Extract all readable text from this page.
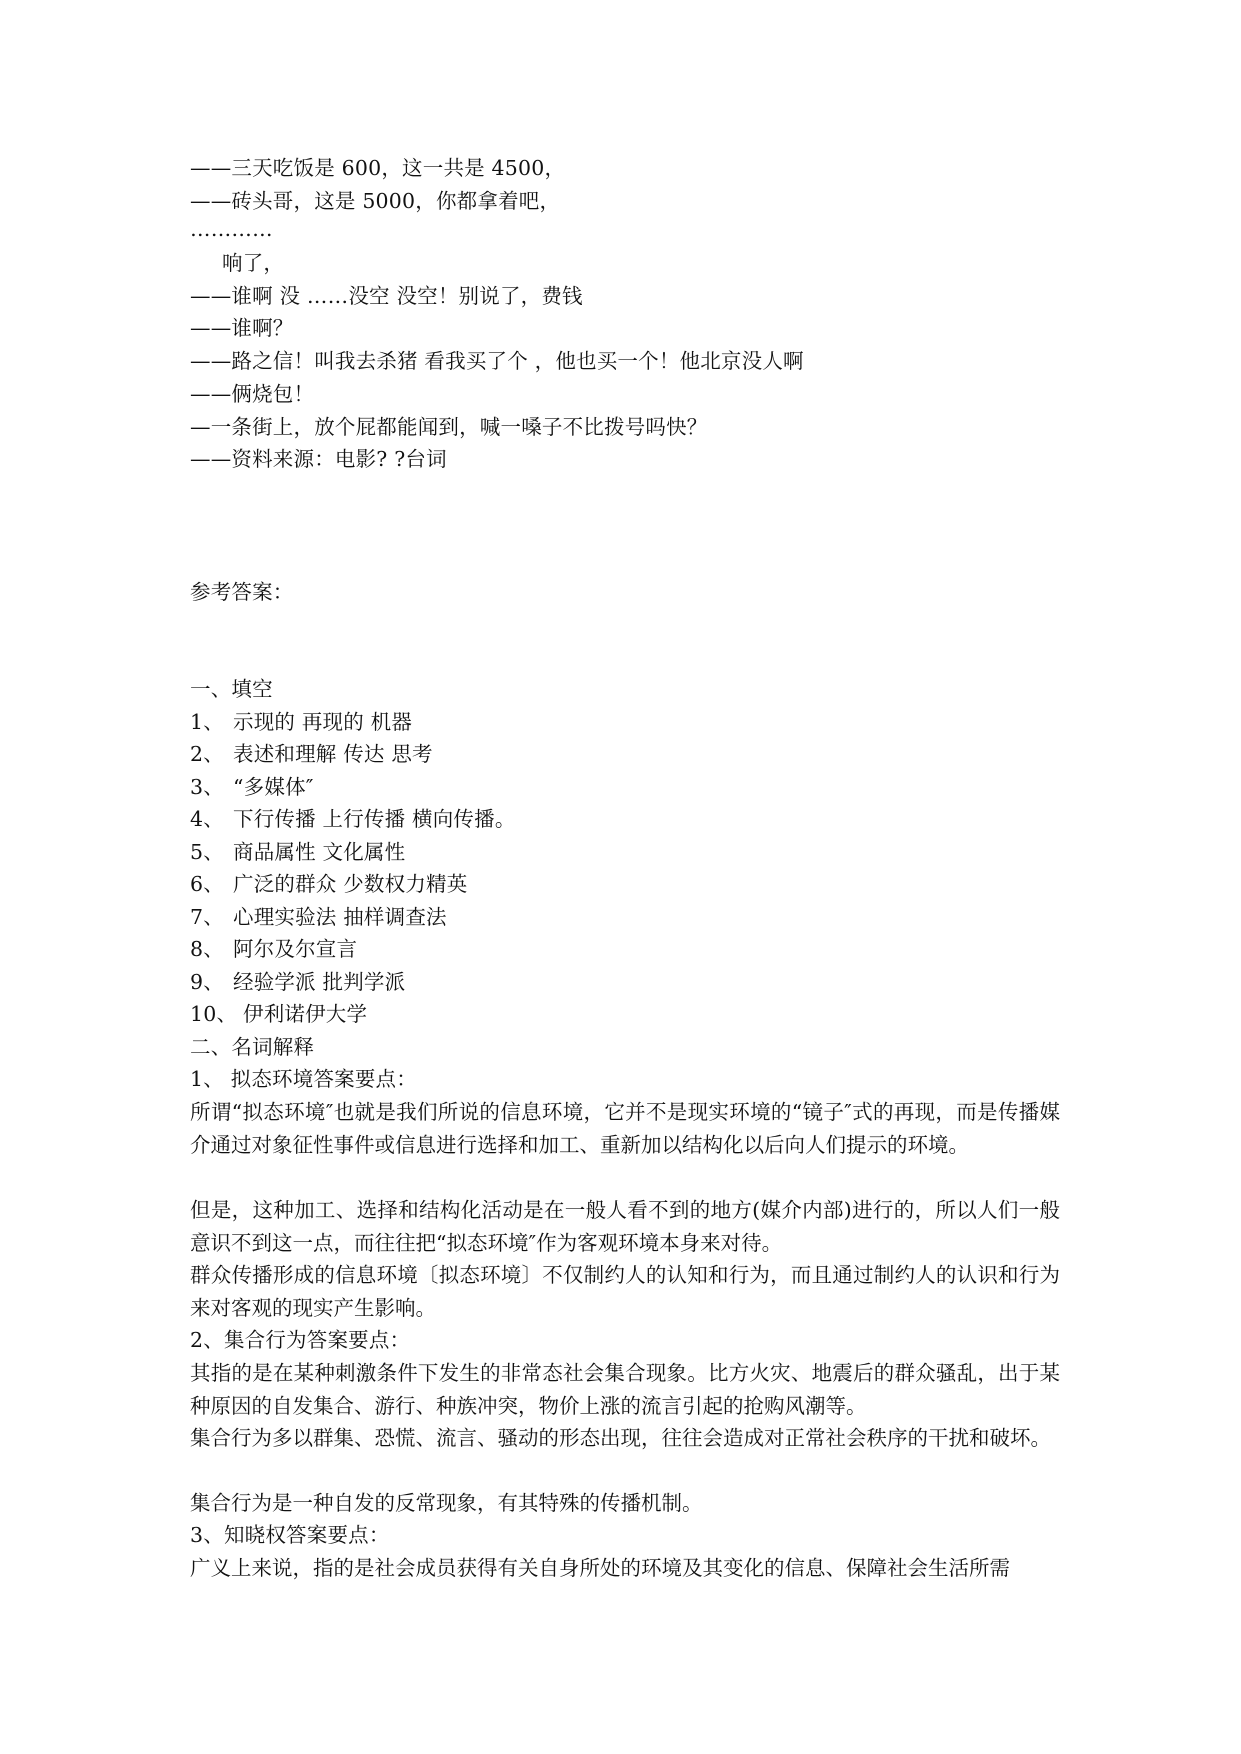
——三天吃饭是 600，这一共是 4500，
——砖头哥，这是 5000，你都拿着吧，
…………
响了，
——谁啊 没 ……没空 没空！别说了，费钱
——谁啊？
——路之信！叫我去杀猪 看我买了个 ，他也买一个！他北京没人啊
——俩烧包！
—一条街上，放个屁都能闻到，喊一嗓子不比拨号吗快？
——资料来源：电影? ?台词
参考答案：
一、填空
1、 示现的 再现的 机器
2、 表述和理解 传达 思考
3、 “多媒体″
4、 下行传播 上行传播 横向传播。
5、 商品属性 文化属性
6、 广泛的群众 少数权力精英
7、 心理实验法 抽样调查法
8、 阿尔及尔宣言
9、 经验学派 批判学派
10、 伊利诺伊大学
二、名词解释
1、 拟态环境答案要点：
所谓“拟态环境″也就是我们所说的信息环境，它并不是现实环境的“镜子″式的再现，而是传播媒介通过对象征性事件或信息进行选择和加工、重新加以结构化以后向人们提示的环境。
但是，这种加工、选择和结构化活动是在一般人看不到的地方(媒介内部)进行的，所以人们一般意识不到这一点，而往往把“拟态环境″作为客观环境本身来对待。
群众传播形成的信息环境〔拟态环境〕不仅制约人的认知和行为，而且通过制约人的认识和行为来对客观的现实产生影响。
2、集合行为答案要点：
其指的是在某种刺激条件下发生的非常态社会集合现象。比方火灾、地震后的群众骚乱，出于某种原因的自发集合、游行、种族冲突，物价上涨的流言引起的抢购风潮等。
集合行为多以群集、恐慌、流言、骚动的形态出现，往往会造成对正常社会秩序的干扰和破坏。
集合行为是一种自发的反常现象，有其特殊的传播机制。
3、知晓权答案要点：
广义上来说，指的是社会成员获得有关自身所处的环境及其变化的信息、保障社会生活所需
